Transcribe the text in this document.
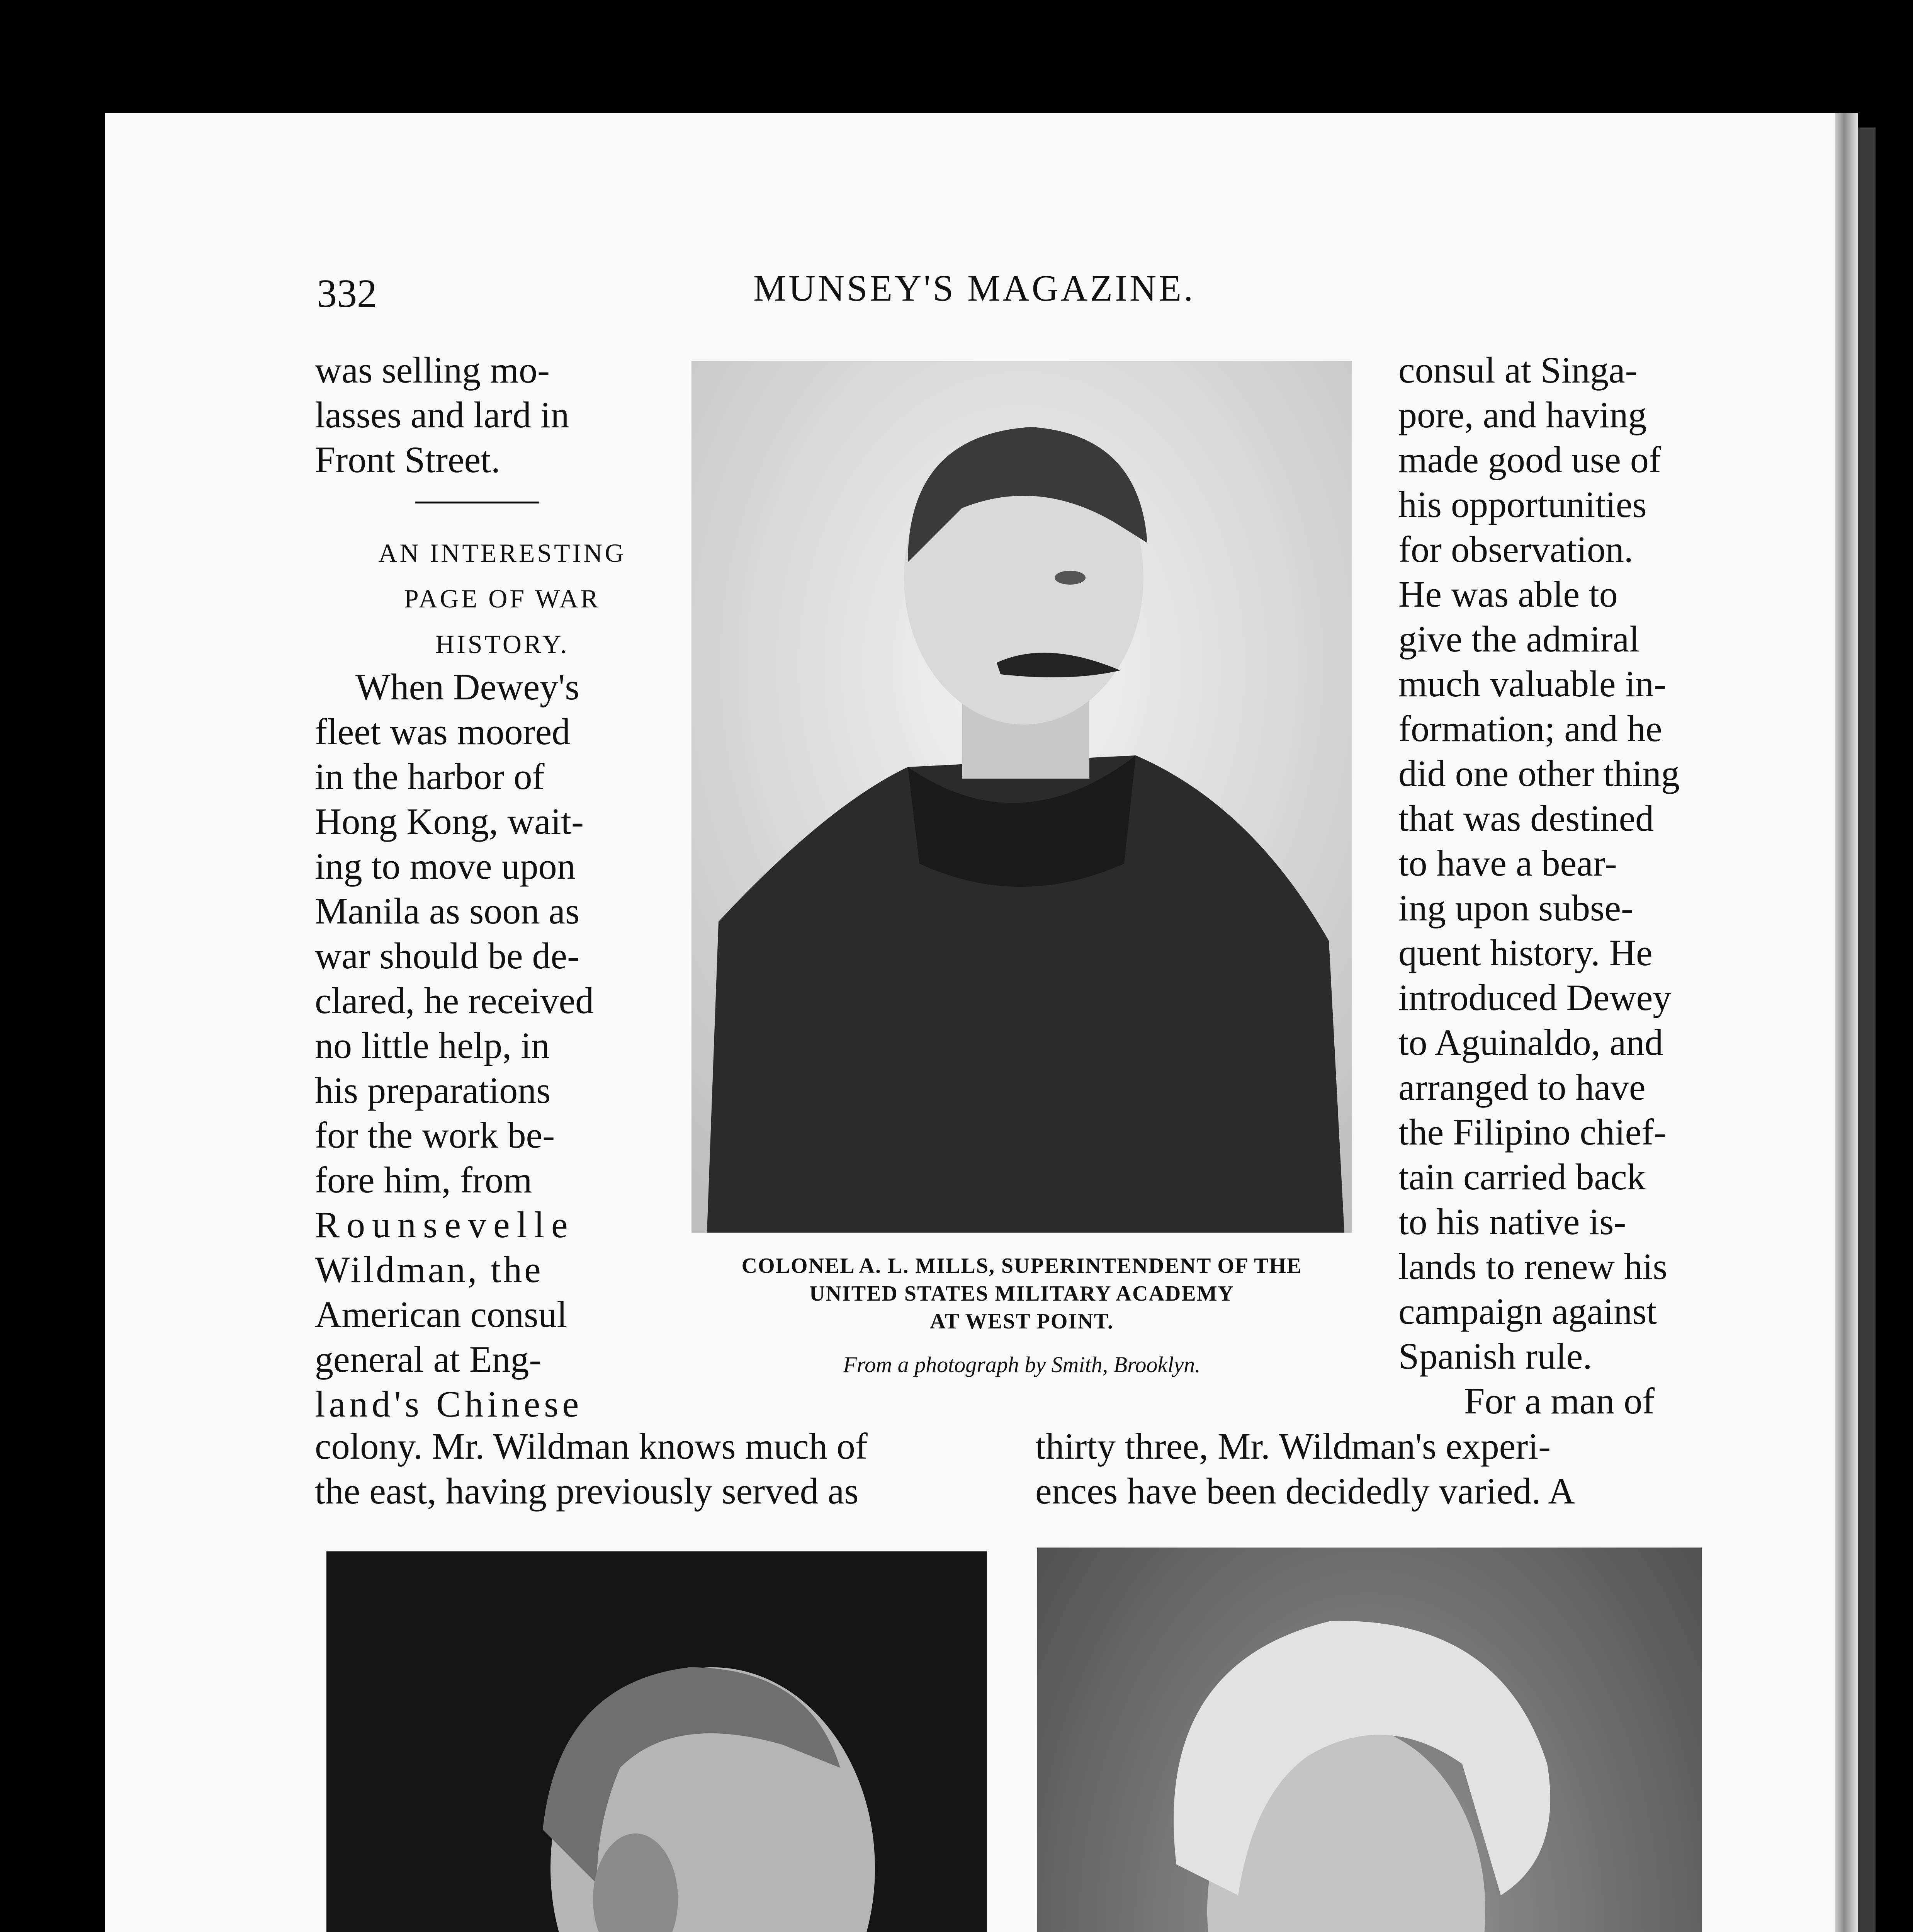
332	MUNSEY'S MAGAZINE.
was selling mo-
lasses and lard in
Front Street.
AN INTERESTING
PAGE OF WAR
HISTORY.
When Dewey's
fleet was moored
in the harbor of
Hong Kong, wait-
ing to move upon
Manila as soon as
war should be de-
clared, he received
no little help, in
his preparations
for the work be-
fore him, from
Rounsevelle
Wildman, the
American consul
general at Eng-
land's Chinese
COLONEL A. L. MILLS, SUPERINTENDENT OF THE
UNITED STATES MILITARY ACADEMY
AT WEST POINT.
From a photograph by Smith, Brooklyn.
consul at Singa-
pore, and having
made good use of
his opportunities
for observation.
He was able to
give the admiral
much valuable in-
formation; and he
did one other thing
that was destined
to have a bear-
ing upon subse-
quent history. He
introduced Dewey
to Aguinaldo, and
arranged to have
the Filipino chief-
tain carried back
to his native is-
lands to renew his
campaign against
Spanish rule.
For a man of
colony. Mr. Wildman knows much of
the east, having previously served as
thirty three, Mr. Wildman's experi-
ences have been decidedly varied. A
